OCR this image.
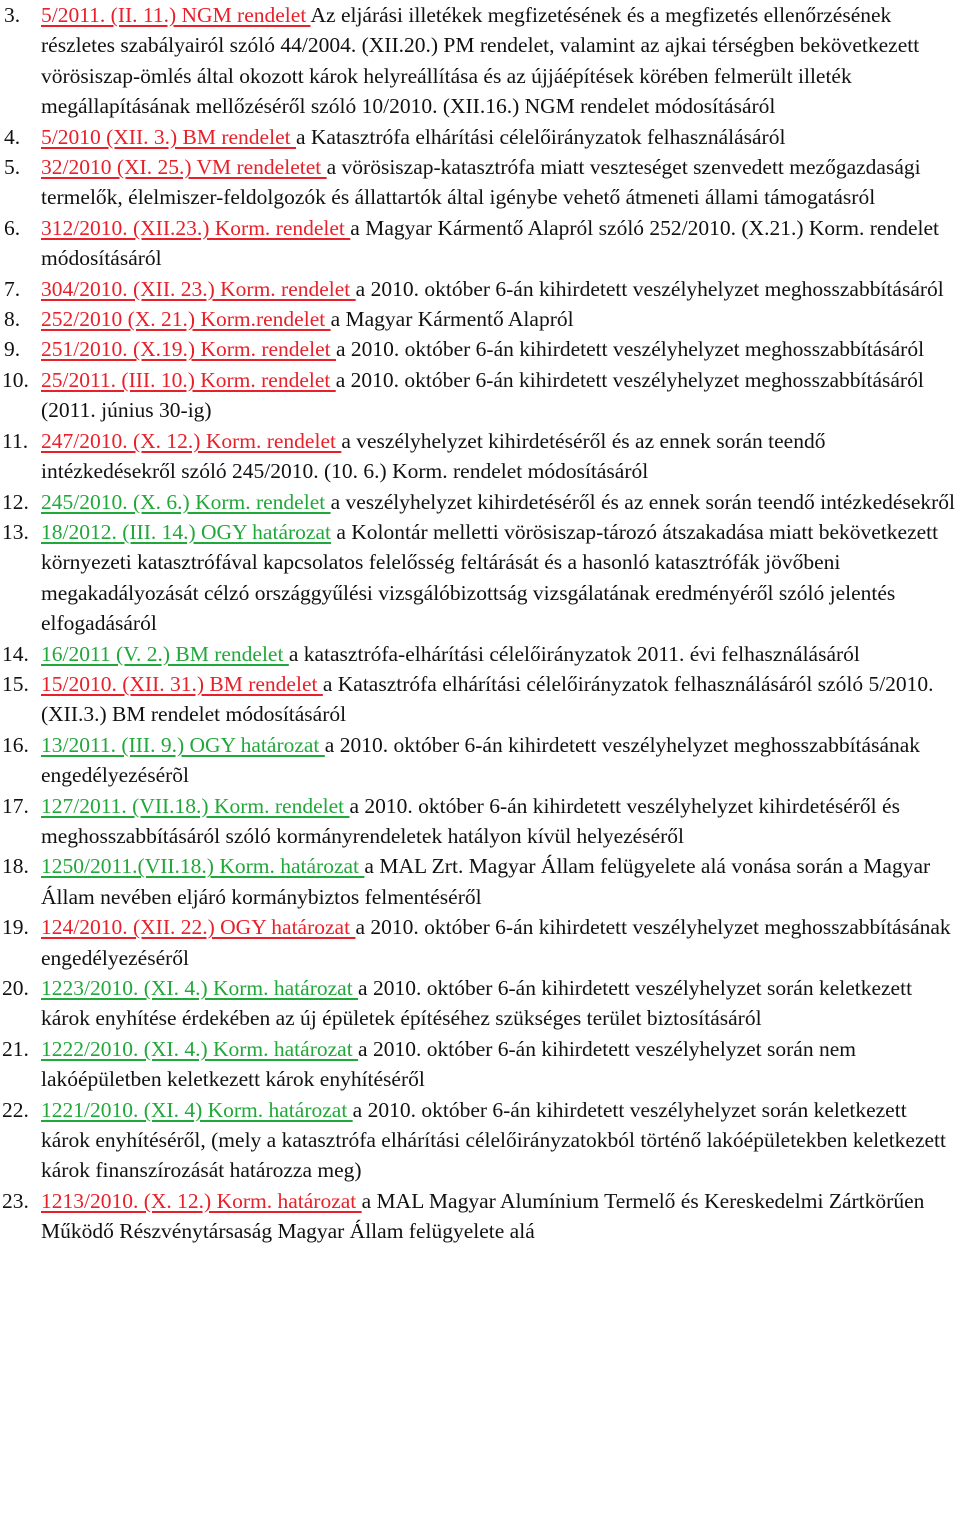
3. 5/2011. (II. 11.) NGM rendelet Az eljárási illetékek megfizetésének és a megfizetés ellenőrzésének részletes szabályairól szóló 44/2004. (XII.20.) PM rendelet, valamint az ajkai térségben bekövetkezett vörösiszap-ömlés által okozott károk helyreállítása és az újjáépítések körében felmerült illeték megállapításának mellőzéséről szóló 10/2010. (XII.16.) NGM rendelet módosításáról
4. 5/2010 (XII. 3.) BM rendelet a Katasztrófa elhárítási célelőirányzatok felhasználásáról
5. 32/2010 (XI. 25.) VM rendeletet a vörösiszap-katasztrófa miatt veszteséget szenvedett mezőgazdasági termelők, élelmiszer-feldolgozók és állattartók által igénybe vehető átmeneti állami támogatásról
6. 312/2010. (XII.23.) Korm. rendelet a Magyar Kármentő Alapról szóló 252/2010. (X.21.) Korm. rendelet módosításáról
7. 304/2010. (XII. 23.) Korm. rendelet a 2010. október 6-án kihirdetett veszélyhelyzet meghosszabbításáról
8. 252/2010 (X. 21.) Korm.rendelet a Magyar Kármentő Alapról
9. 251/2010. (X.19.) Korm. rendelet a 2010. október 6-án kihirdetett veszélyhelyzet meghosszabbításáról
10. 25/2011. (III. 10.) Korm. rendelet a 2010. október 6-án kihirdetett veszélyhelyzet meghosszabbításáról (2011. június 30-ig)
11. 247/2010. (X. 12.) Korm. rendelet a veszélyhelyzet kihirdetéséről és az ennek során teendő intézkedésekről szóló 245/2010. (10. 6.) Korm. rendelet módosításáról
12. 245/2010. (X. 6.) Korm. rendelet a veszélyhelyzet kihirdetéséről és az ennek során teendő intézkedésekről
13. 18/2012. (III. 14.) OGY határozat a Kolontár melletti vörösiszap-tározó átszakadása miatt bekövetkezett környezeti katasztrófával kapcsolatos felelősség feltárását és a hasonló katasztrófák jövőbeni megakadályozását célzó országgyűlési vizsgálóbizottság vizsgálatának eredményéről szóló jelentés elfogadásáról
14. 16/2011 (V. 2.) BM rendelet a katasztrófa-elhárítási célelőirányzatok 2011. évi felhasználásáról
15. 15/2010. (XII. 31.) BM rendelet a Katasztrófa elhárítási célelőirányzatok felhasználásáról szóló 5/2010. (XII.3.) BM rendelet módosításáról
16. 13/2011. (III. 9.) OGY határozat a 2010. október 6-án kihirdetett veszélyhelyzet meghosszabbításának engedélyezésérõl
17. 127/2011. (VII.18.) Korm. rendelet a 2010. október 6-án kihirdetett veszélyhelyzet kihirdetéséről és meghosszabbításáról szóló kormányrendeletek hatályon kívül helyezéséről
18. 1250/2011.(VII.18.) Korm. határozat a MAL Zrt. Magyar Állam felügyelete alá vonása során a Magyar Állam nevében eljáró kormánybiztos felmentéséről
19. 124/2010. (XII. 22.) OGY határozat a 2010. október 6-án kihirdetett veszélyhelyzet meghosszabbításának engedélyezéséről
20. 1223/2010. (XI. 4.) Korm. határozat a 2010. október 6-án kihirdetett veszélyhelyzet során keletkezett károk enyhítése érdekében az új épületek építéséhez szükséges terület biztosításáról
21. 1222/2010. (XI. 4.) Korm. határozat a 2010. október 6-án kihirdetett veszélyhelyzet során nem lakóépületben keletkezett károk enyhítéséről
22. 1221/2010. (XI. 4) Korm. határozat a 2010. október 6-án kihirdetett veszélyhelyzet során keletkezett károk enyhítéséről, (mely a katasztrófa elhárítási célelőirányzatokból történő lakóépületekben keletkezett károk finanszírozását határozza meg)
23. 1213/2010. (X. 12.) Korm. határozat a MAL Magyar Alumínium Termelő és Kereskedelmi Zártkörűen Működő Részvénytársaság Magyar Állam felügyelete alá
